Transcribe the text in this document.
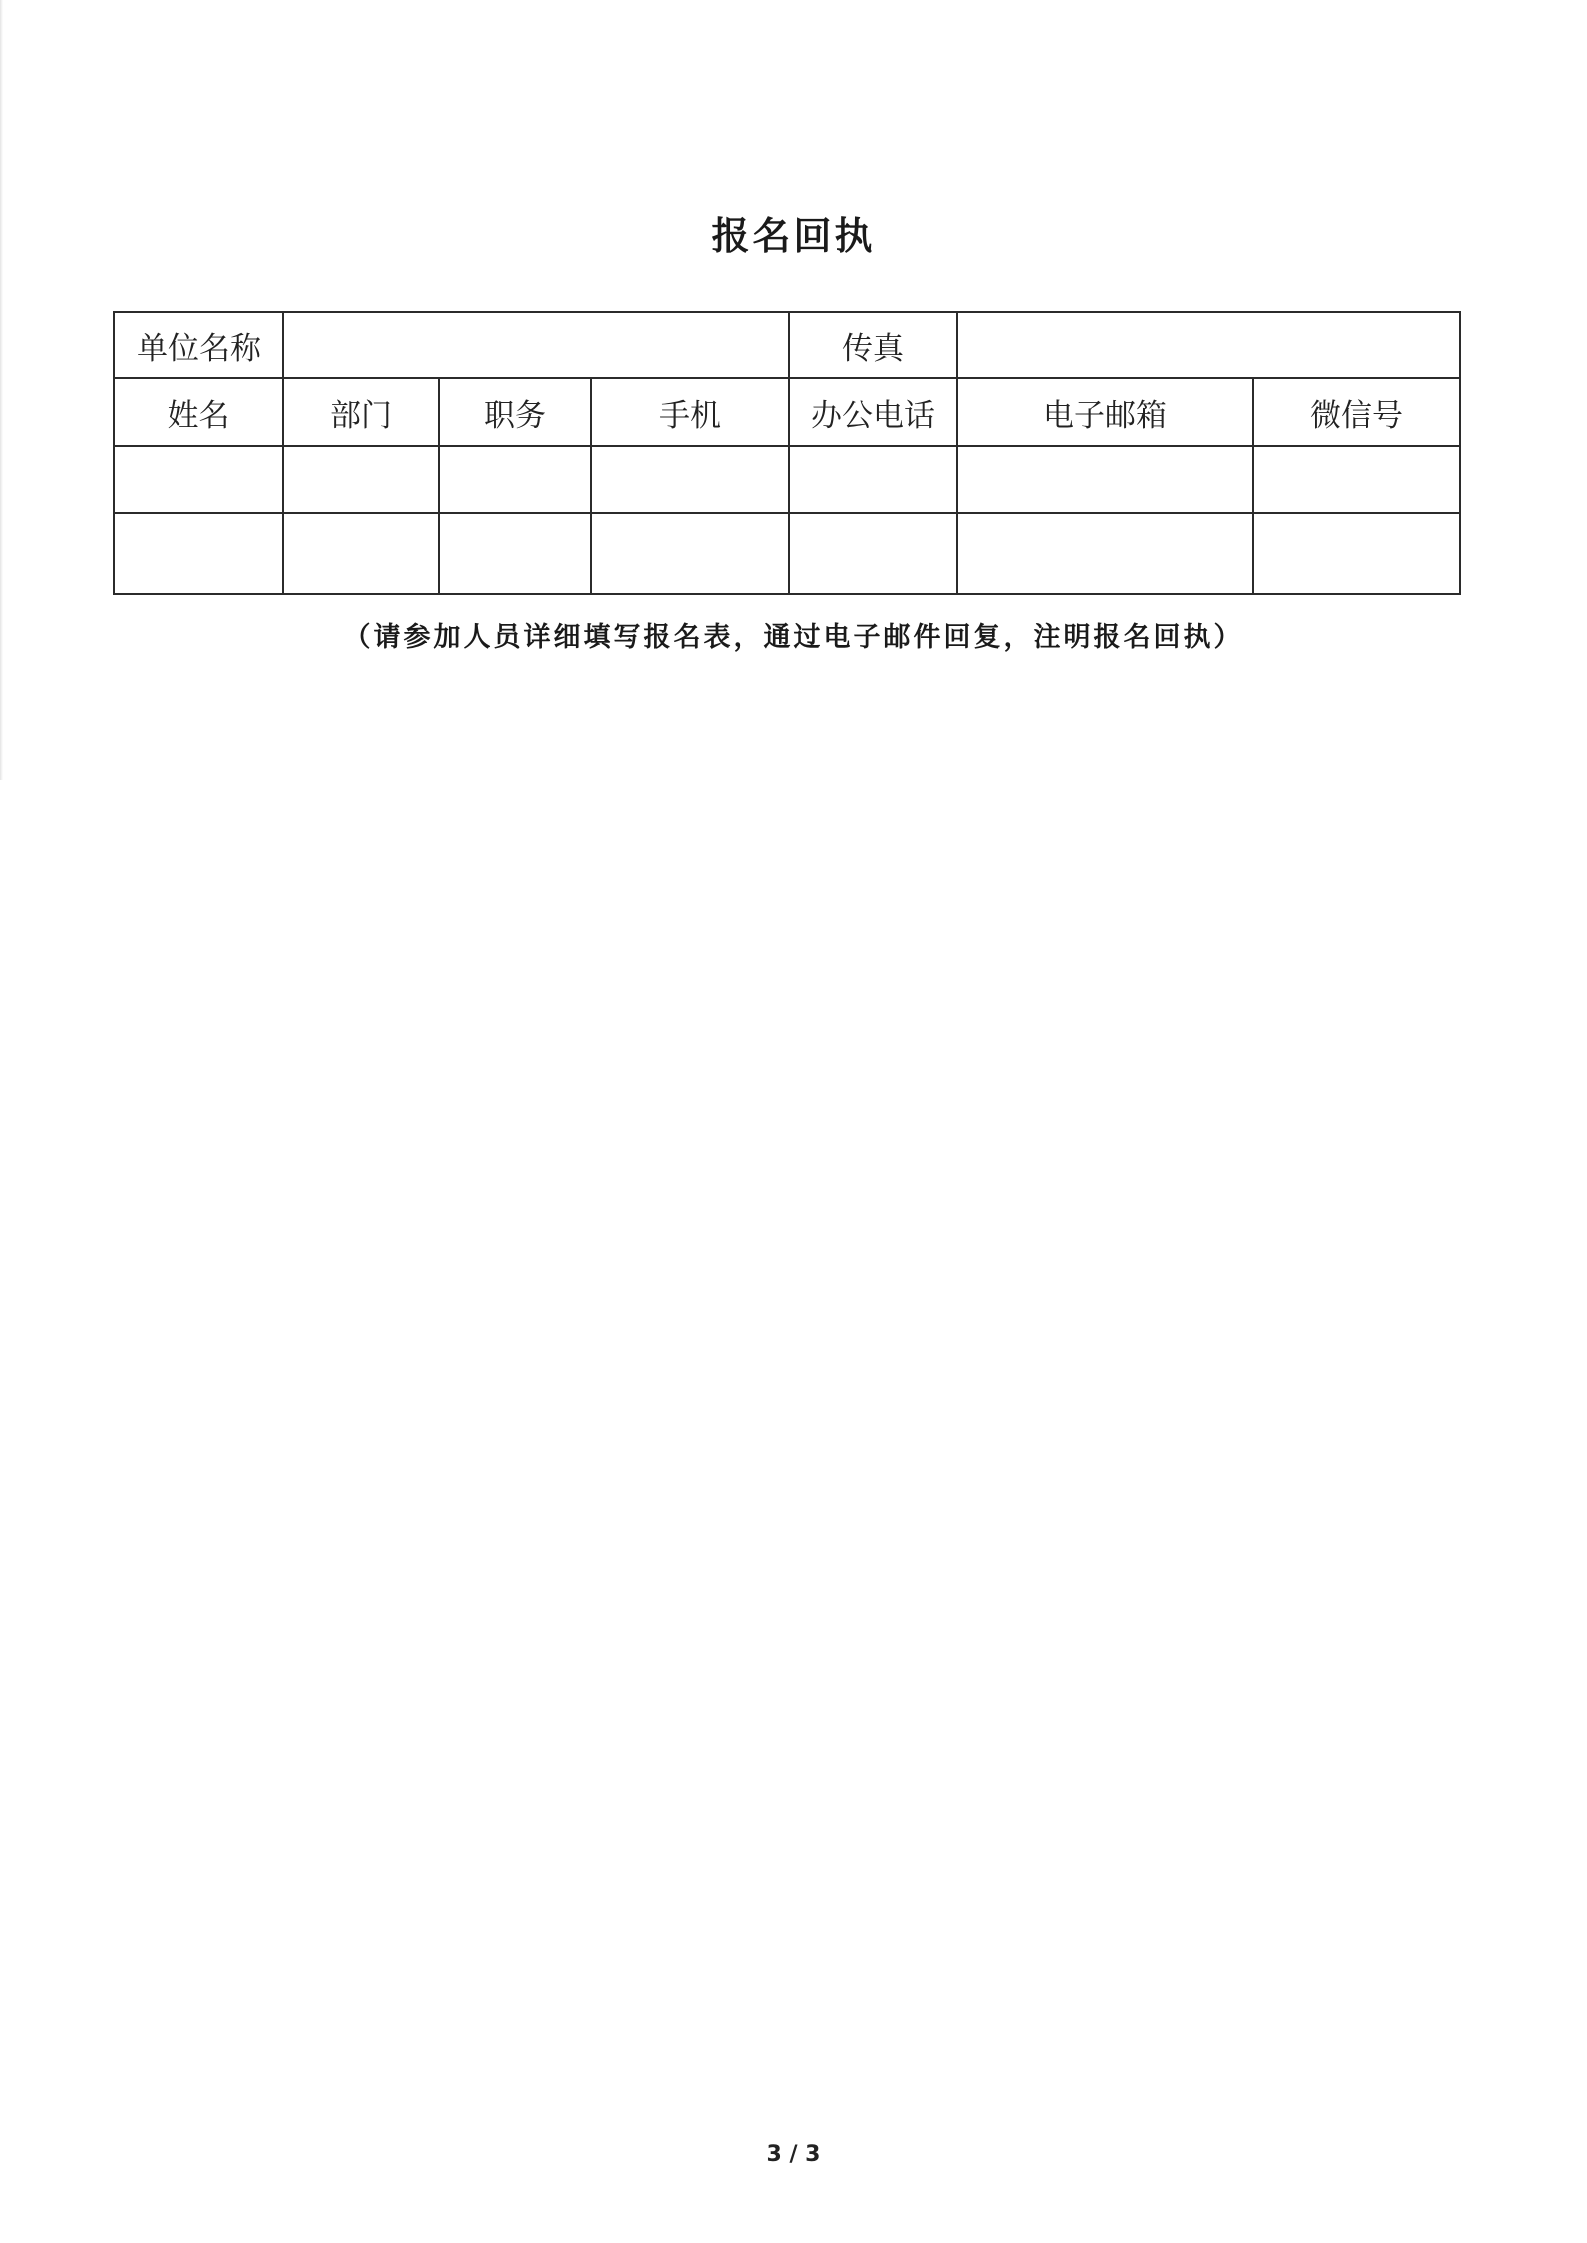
报名回执
单位名称				传真		
姓名	部门	职务	手机	办公电话	电子邮箱	微信号

（请参加人员详细填写报名表，通过电子邮件回复，注明报名回执）
3 / 3
